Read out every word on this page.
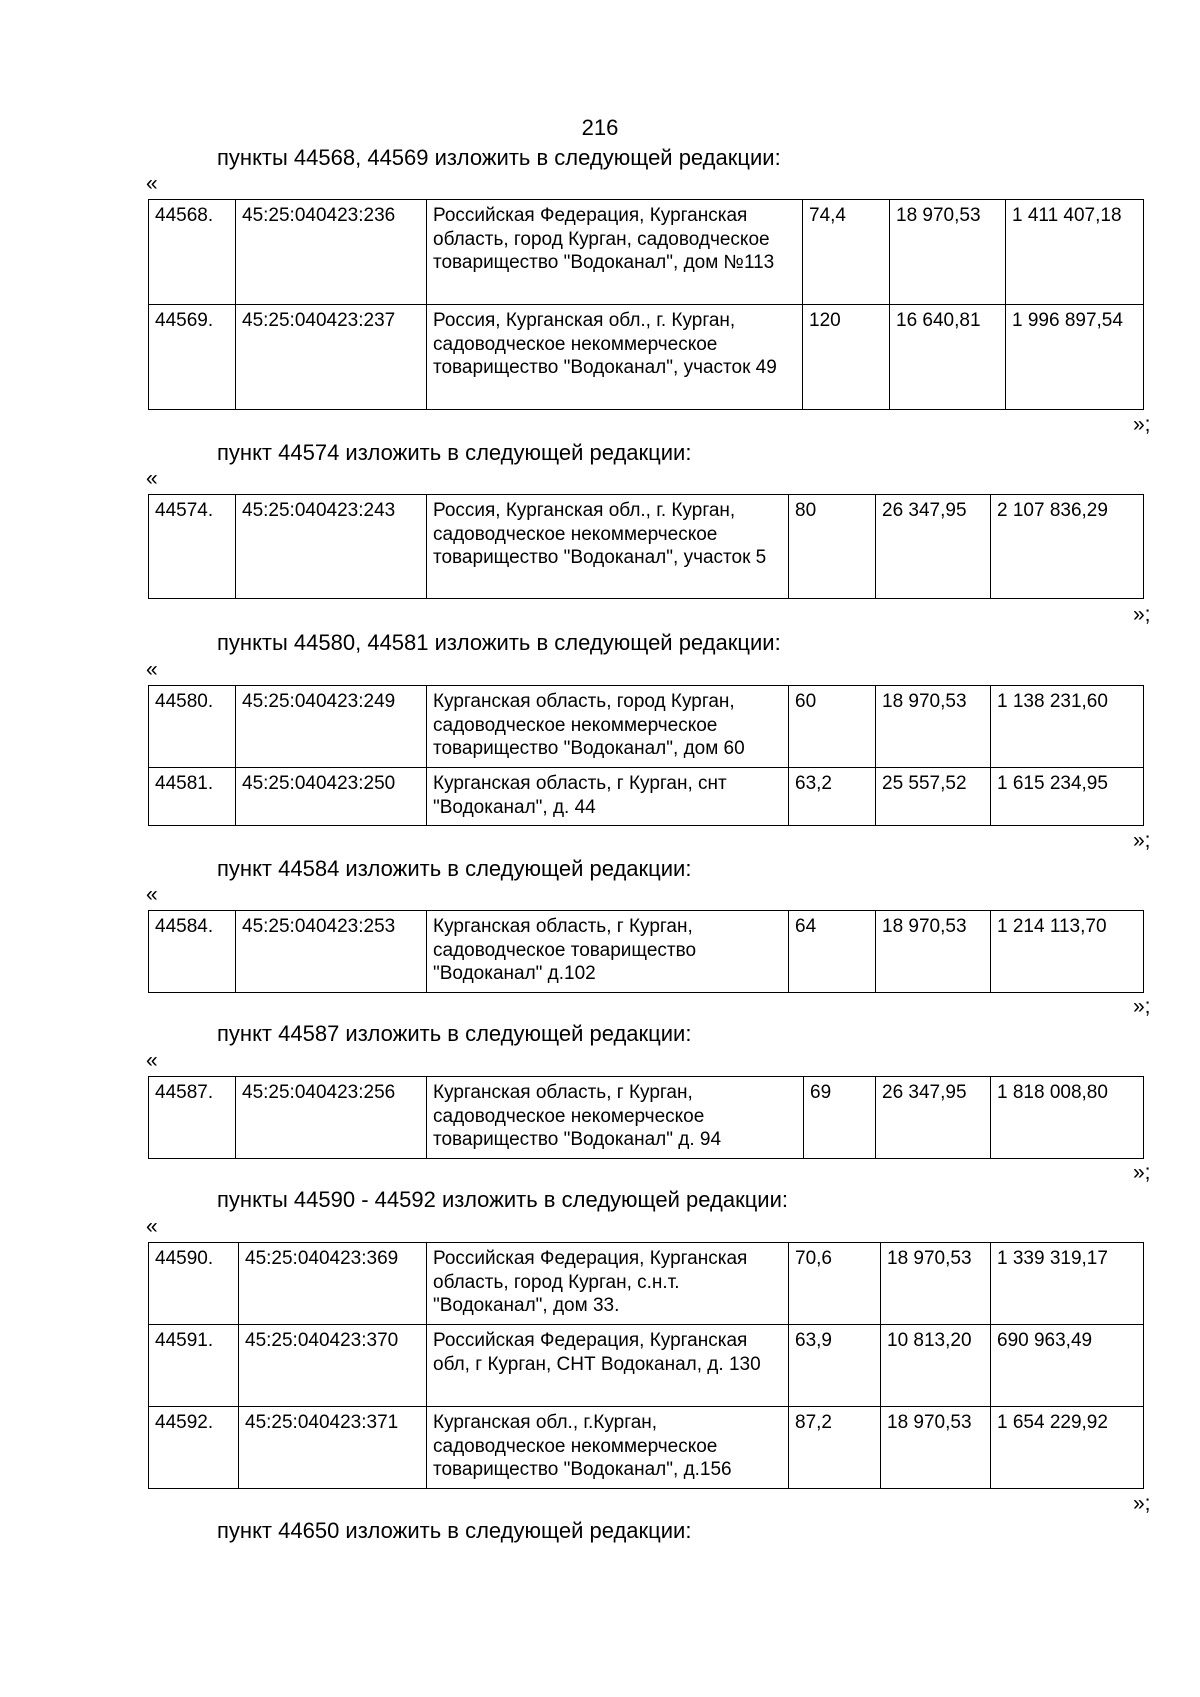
216
пункты 44568, 44569 изложить в следующей редакции:
«
44568.	45:25:040423:236	Российская Федерация, Курганская область, город Курган, садоводческое товарищество "Водоканал", дом №113	74,4	18 970,53	1 411 407,18
44569.	45:25:040423:237	Россия, Курганская обл., г. Курган, садоводческое некоммерческое товарищество "Водоканал", участок 49	120	16 640,81	1 996 897,54
»;
пункт 44574 изложить в следующей редакции:
«
44574.	45:25:040423:243	Россия, Курганская обл., г. Курган, садоводческое некоммерческое товарищество "Водоканал", участок 5	80	26 347,95	2 107 836,29
»;
пункты 44580, 44581 изложить в следующей редакции:
«
44580.	45:25:040423:249	Курганская область, город Курган, садоводческое некоммерческое товарищество "Водоканал", дом 60	60	18 970,53	1 138 231,60
44581.	45:25:040423:250	Курганская область, г Курган, снт "Водоканал", д. 44	63,2	25 557,52	1 615 234,95
»;
пункт 44584 изложить в следующей редакции:
«
44584.	45:25:040423:253	Курганская область, г Курган, садоводческое товарищество "Водоканал" д.102	64	18 970,53	1 214 113,70
»;
пункт 44587 изложить в следующей редакции:
«
44587.	45:25:040423:256	Курганская область, г Курган, садоводческое некомерческое товарищество "Водоканал" д. 94	69	26 347,95	1 818 008,80
»;
пункты 44590 - 44592 изложить в следующей редакции:
«
44590.	45:25:040423:369	Российская Федерация, Курганская область, город Курган, с.н.т. "Водоканал", дом 33.	70,6	18 970,53	1 339 319,17
44591.	45:25:040423:370	Российская Федерация, Курганская обл, г Курган, СНТ Водоканал, д. 130	63,9	10 813,20	690 963,49
44592.	45:25:040423:371	Курганская обл., г.Курган, садоводческое некоммерческое товарищество "Водоканал", д.156	87,2	18 970,53	1 654 229,92
»;
пункт 44650 изложить в следующей редакции:
